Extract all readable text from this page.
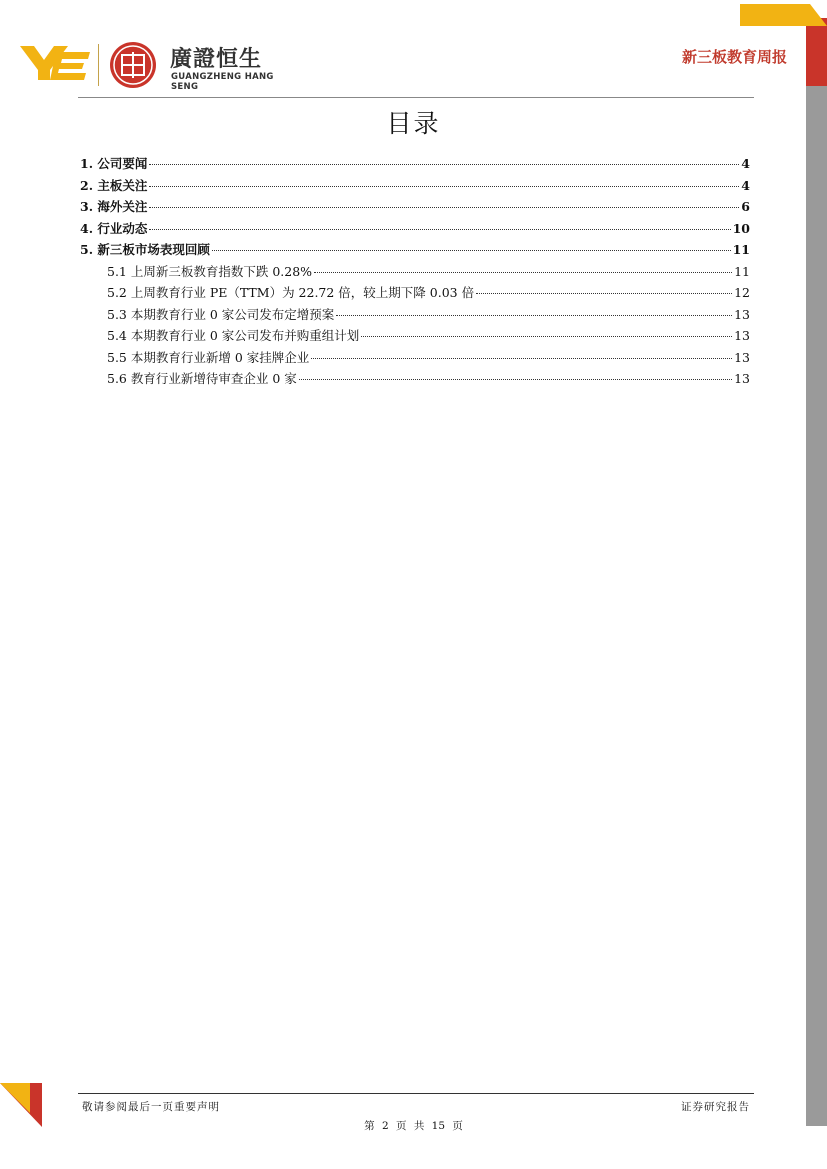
新三板教育周报
廣證恒生
GUANGZHENG HANG SENG
目录
1. 公司要闻	4
2. 主板关注	4
3. 海外关注	6
4. 行业动态	10
5. 新三板市场表现回顾	11
5.1 上周新三板教育指数下跌 0.28%	11
5.2 上周教育行业 PE（TTM）为 22.72 倍，较上期下降 0.03 倍	12
5.3 本期教育行业 0 家公司发布定增预案	13
5.4 本期教育行业 0 家公司发布并购重组计划	13
5.5 本期教育行业新增 0 家挂牌企业	13
5.6 教育行业新增待审查企业 0 家	13
敬请参阅最后一页重要声明	证券研究报告
第 2 页 共 15 页
